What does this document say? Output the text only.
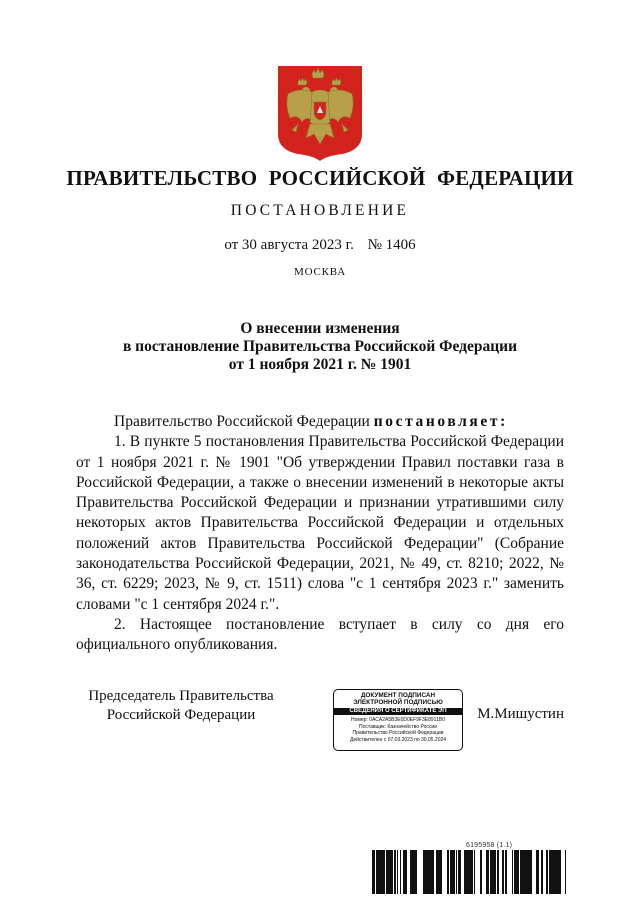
ПРАВИТЕЛЬСТВО РОССИЙСКОЙ ФЕДЕРАЦИИ
ПОСТАНОВЛЕНИЕ
от 30 августа 2023 г. № 1406
МОСКВА
О внесении изменения
в постановление Правительства Российской Федерации
от 1 ноября 2021 г. № 1901

Правительство Российской Федерации постановляет:

1. В пункте 5 постановления Правительства Российской Федерации от 1 ноября 2021 г. № 1901 "Об утверждении Правил поставки газа в Российской Федерации, а также о внесении изменений в некоторые акты Правительства Российской Федерации и признании утратившими силу некоторых актов Правительства Российской Федерации и отдельных положений актов Правительства Российской Федерации" (Собрание законодательства Российской Федерации, 2021, № 49, ст. 8210; 2022, № 36, ст. 6229; 2023, № 9, ст. 1511) слова "с 1 сентября 2023 г." заменить словами "с 1 сентября 2024 г.".

2. Настоящее постановление вступает в силу со дня его официального опубликования.

Председатель Правительства
Российской Федерации
ДОКУМЕНТ ПОДПИСАН
ЭЛЕКТРОННОЙ ПОДПИСЬЮ
СВЕДЕНИЯ О СЕРТИФИКАТЕ ЭП
Номер: 0ACA2A5B3E0D0EF9F3E8911B0
Поставщик: Казначейство России
Правительство Российской Федерации
Действителен с 07.03.2023 по 30.05.2024
М.Мишустин
6195958 (1.1)
